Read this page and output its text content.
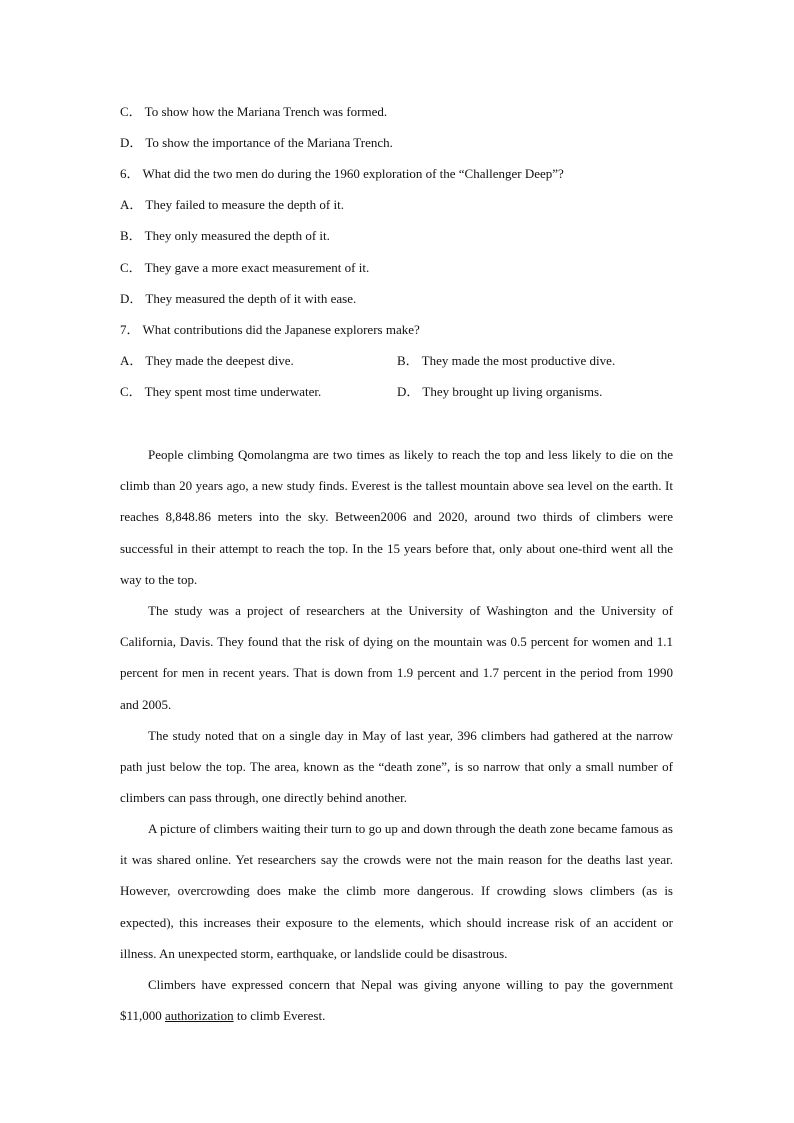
C． To show how the Mariana Trench was formed.
D． To show the importance of the Mariana Trench.
6． What did the two men do during the 1960 exploration of the “Challenger Deep”?
A． They failed to measure the depth of it.
B． They only measured the depth of it.
C． They gave a more exact measurement of it.
D． They measured the depth of it with ease.
7． What contributions did the Japanese explorers make?
A． They made the deepest dive.	B． They made the most productive dive.
C． They spent most time underwater.	D． They brought up living organisms.
People climbing Qomolangma are two times as likely to reach the top and less likely to die on the climb than 20 years ago, a new study finds. Everest is the tallest mountain above sea level on the earth. It reaches 8,848.86 meters into the sky. Between2006 and 2020, around two thirds of climbers were successful in their attempt to reach the top. In the 15 years before that, only about one-third went all the way to the top.
The study was a project of researchers at the University of Washington and the University of California, Davis. They found that the risk of dying on the mountain was 0.5 percent for women and 1.1 percent for men in recent years. That is down from 1.9 percent and 1.7 percent in the period from 1990 and 2005.
The study noted that on a single day in May of last year, 396 climbers had gathered at the narrow path just below the top. The area, known as the “death zone”, is so narrow that only a small number of climbers can pass through, one directly behind another.
A picture of climbers waiting their turn to go up and down through the death zone became famous as it was shared online. Yet researchers say the crowds were not the main reason for the deaths last year. However, overcrowding does make the climb more dangerous. If crowding slows climbers (as is expected), this increases their exposure to the elements, which should increase risk of an accident or illness. An unexpected storm, earthquake, or landslide could be disastrous.
Climbers have expressed concern that Nepal was giving anyone willing to pay the government $11,000 authorization to climb Everest.
